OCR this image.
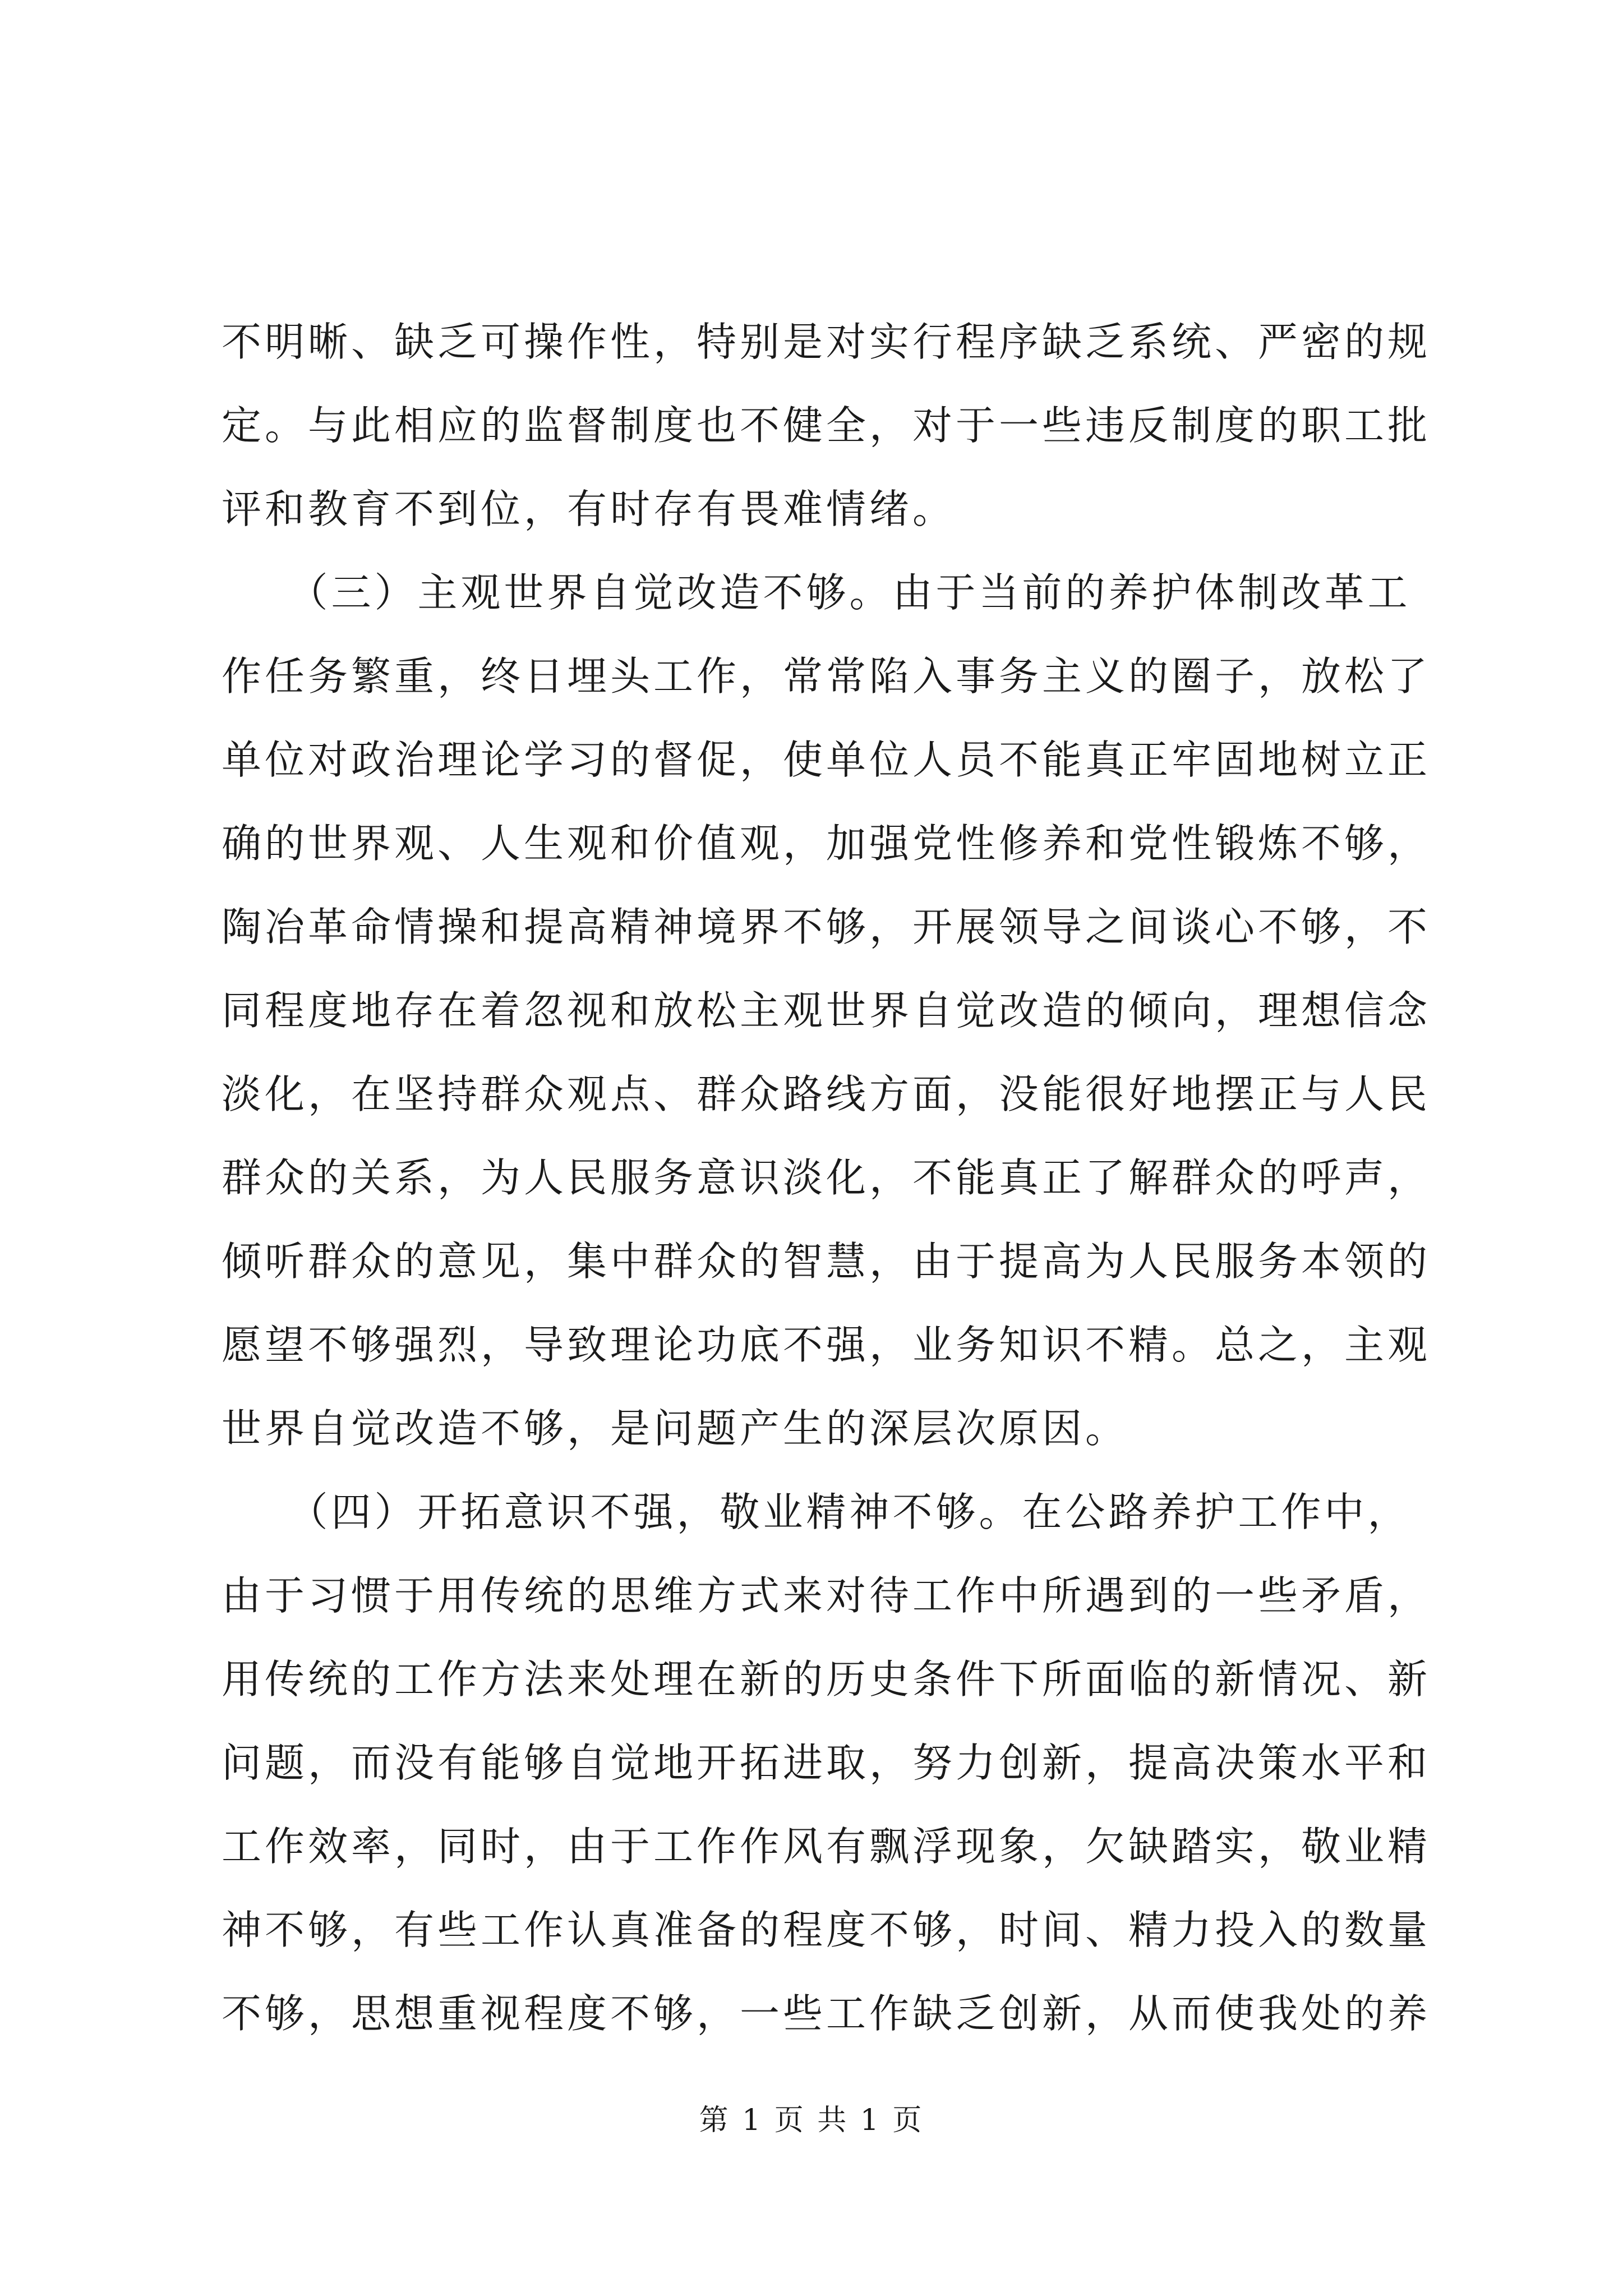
不明晰、缺乏可操作性，特别是对实行程序缺乏系统、严密的规
定。与此相应的监督制度也不健全，对于一些违反制度的职工批
评和教育不到位，有时存有畏难情绪。
　　（三）主观世界自觉改造不够。由于当前的养护体制改革工
作任务繁重，终日埋头工作，常常陷入事务主义的圈子，放松了
单位对政治理论学习的督促，使单位人员不能真正牢固地树立正
确的世界观、人生观和价值观，加强党性修养和党性锻炼不够，
陶冶革命情操和提高精神境界不够，开展领导之间谈心不够，不
同程度地存在着忽视和放松主观世界自觉改造的倾向，理想信念
淡化，在坚持群众观点、群众路线方面，没能很好地摆正与人民
群众的关系，为人民服务意识淡化，不能真正了解群众的呼声，
倾听群众的意见，集中群众的智慧，由于提高为人民服务本领的
愿望不够强烈，导致理论功底不强，业务知识不精。总之，主观
世界自觉改造不够，是问题产生的深层次原因。
　　（四）开拓意识不强，敬业精神不够。在公路养护工作中，
由于习惯于用传统的思维方式来对待工作中所遇到的一些矛盾，
用传统的工作方法来处理在新的历史条件下所面临的新情况、新
问题，而没有能够自觉地开拓进取，努力创新，提高决策水平和
工作效率，同时，由于工作作风有飘浮现象，欠缺踏实，敬业精
神不够，有些工作认真准备的程度不够，时间、精力投入的数量
不够，思想重视程度不够，一些工作缺乏创新，从而使我处的养
第 1 页 共 1 页
